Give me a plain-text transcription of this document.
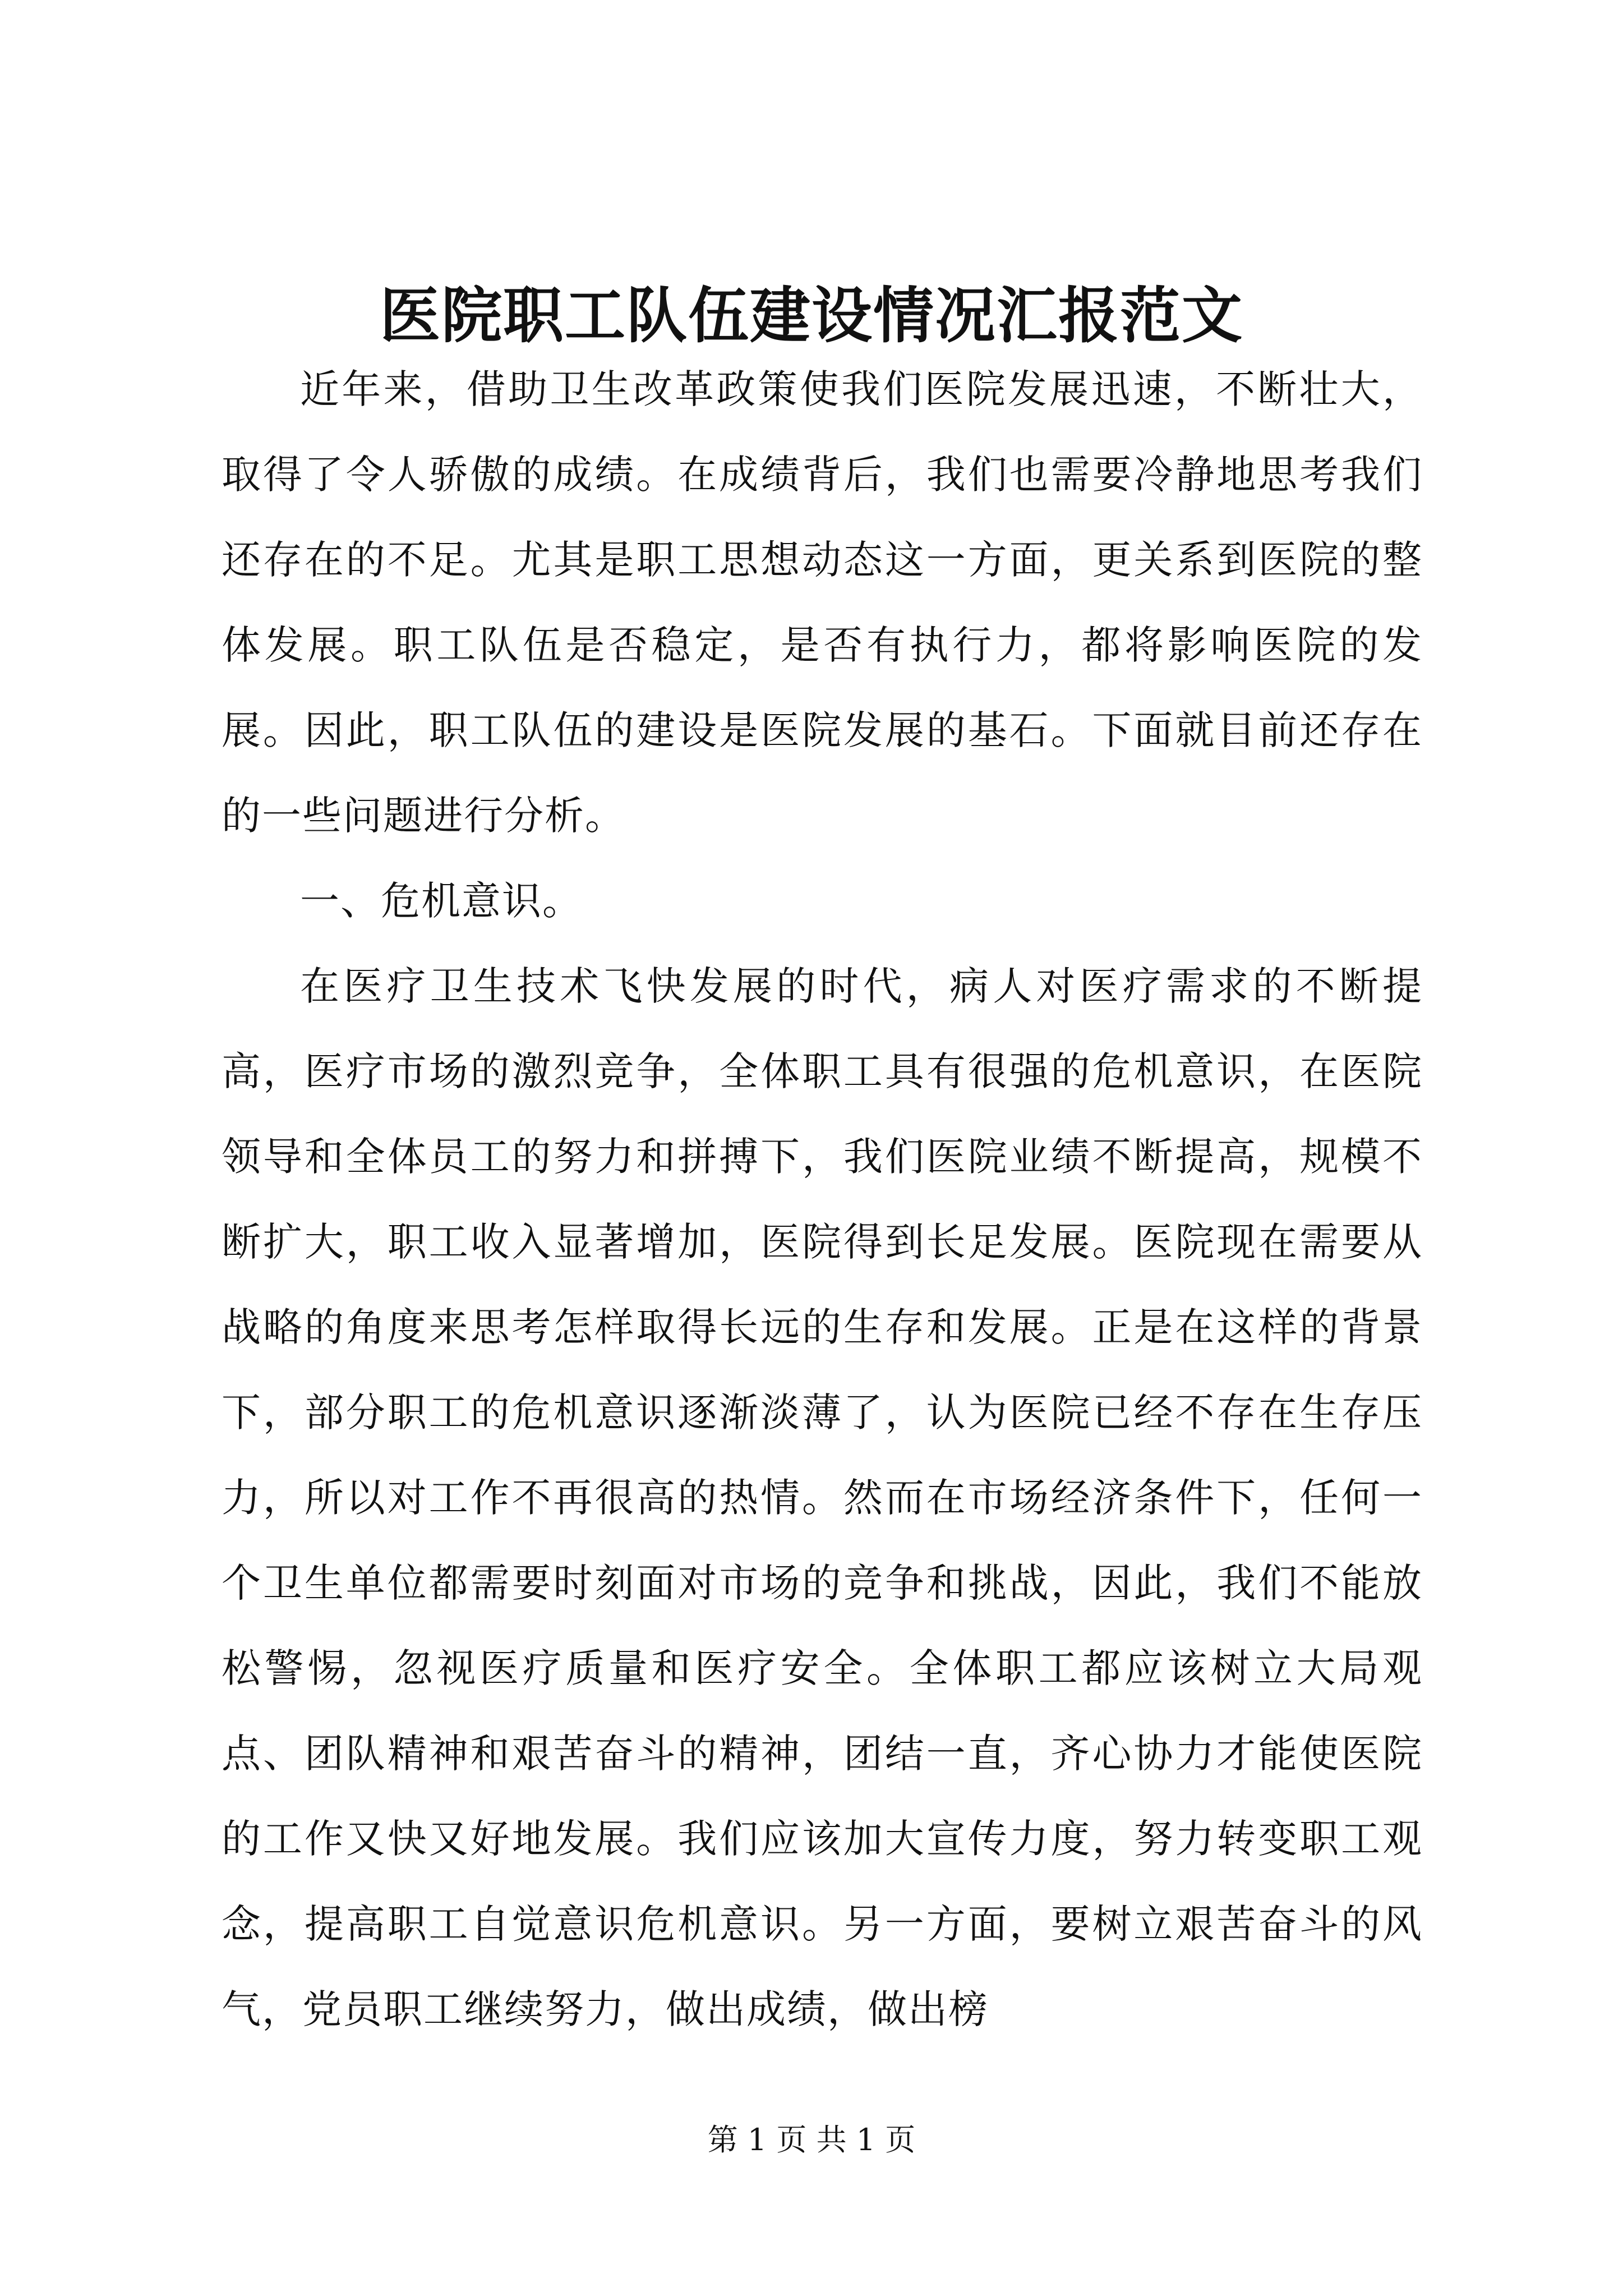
医院职工队伍建设情况汇报范文

近年来，借助卫生改革政策使我们医院发展迅速，不断壮大，取得了令人骄傲的成绩。在成绩背后，我们也需要冷静地思考我们还存在的不足。尤其是职工思想动态这一方面，更关系到医院的整体发展。职工队伍是否稳定，是否有执行力，都将影响医院的发展。因此，职工队伍的建设是医院发展的基石。下面就目前还存在的一些问题进行分析。

一、危机意识。

在医疗卫生技术飞快发展的时代，病人对医疗需求的不断提高，医疗市场的激烈竞争，全体职工具有很强的危机意识，在医院领导和全体员工的努力和拼搏下，我们医院业绩不断提高，规模不断扩大，职工收入显著增加，医院得到长足发展。医院现在需要从战略的角度来思考怎样取得长远的生存和发展。正是在这样的背景下，部分职工的危机意识逐渐淡薄了，认为医院已经不存在生存压力，所以对工作不再很高的热情。然而在市场经济条件下，任何一个卫生单位都需要时刻面对市场的竞争和挑战，因此，我们不能放松警惕，忽视医疗质量和医疗安全。全体职工都应该树立大局观点、团队精神和艰苦奋斗的精神，团结一直，齐心协力才能使医院的工作又快又好地发展。我们应该加大宣传力度，努力转变职工观念，提高职工自觉意识危机意识。另一方面，要树立艰苦奋斗的风气，党员职工继续努力，做出成绩，做出榜

第 1 页 共 1 页
